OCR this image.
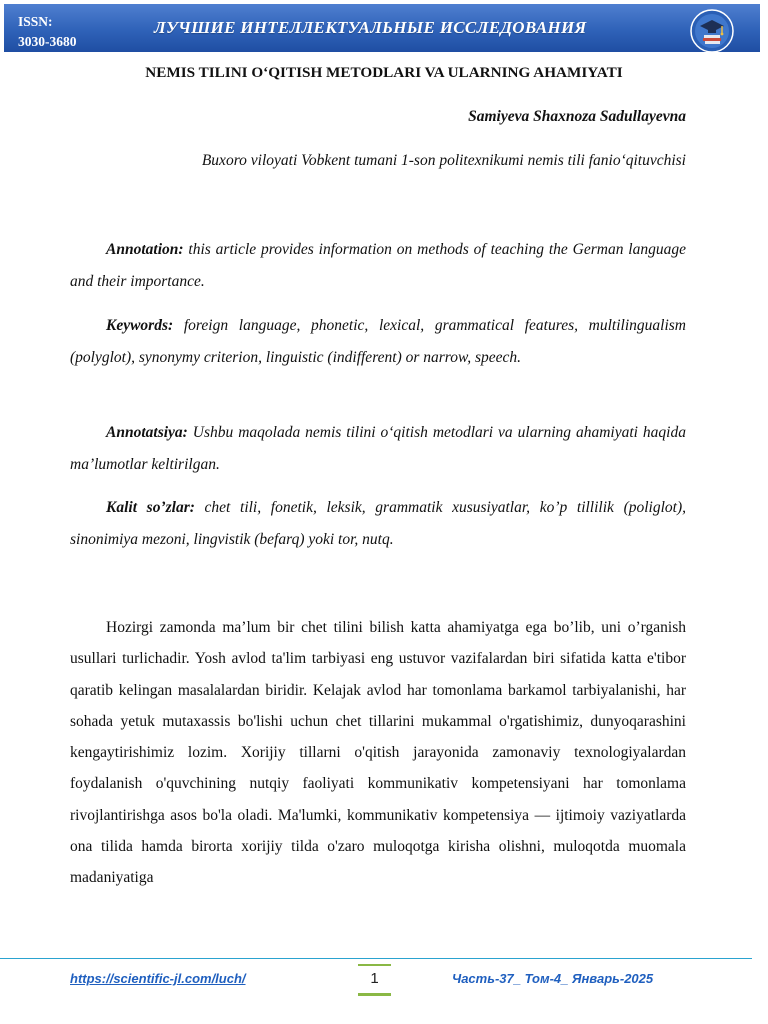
ISSN:
3030-3680
ЛУЧШИЕ ИНТЕЛЛЕКТУАЛЬНЫЕ ИССЛЕДОВАНИЯ
NEMIS TILINI O‘QITISH METODLARI VA ULARNING AHAMIYATI
Samiyeva Shaxnoza Sadullayevna
Buxoro viloyati Vobkent tumani 1-son politexnikumi nemis tili fanio‘qituvchisi

Annotation: this article provides information on methods of teaching the German language and their importance.

Keywords: foreign language, phonetic, lexical, grammatical features, multilingualism (polyglot), synonymy criterion, linguistic (indifferent) or narrow, speech.

Annotatsiya: Ushbu maqolada nemis tilini o‘qitish metodlari va ularning ahamiyati haqida ma’lumotlar keltirilgan.

Kalit so’zlar: chet tili, fonetik, leksik, grammatik xususiyatlar, ko’p tillilik (poliglot), sinonimiya mezoni, lingvistik (befarq) yoki tor, nutq.

Hozirgi zamonda ma’lum bir chet tilini bilish katta ahamiyatga ega bo’lib, uni o’rganish usullari turlichadir. Yosh avlod ta'lim tarbiyasi eng ustuvor vazifalardan biri sifatida katta e'tibor qaratib kelingan masalalardan biridir. Kelajak avlod har tomonlama barkamol tarbiyalanishi, har sohada yetuk mutaxassis bo'lishi uchun chet tillarini mukammal o'rgatishimiz, dunyoqarashini kengaytirishimiz lozim. Xorijiy tillarni o'qitish jarayonida zamonaviy texnologiyalardan foydalanish o'quvchining nutqiy faoliyati kommunikativ kompetensiyani har tomonlama rivojlantirishga asos bo'la oladi. Ma'lumki, kommunikativ kompetensiya — ijtimoiy vaziyatlarda ona tilida hamda birorta xorijiy tilda o'zaro muloqotga kirisha olishni, muloqotda muomala madaniyatiga

https://scientific-jl.com/luch/	1	Часть-37_ Том-4_ Январь-2025
